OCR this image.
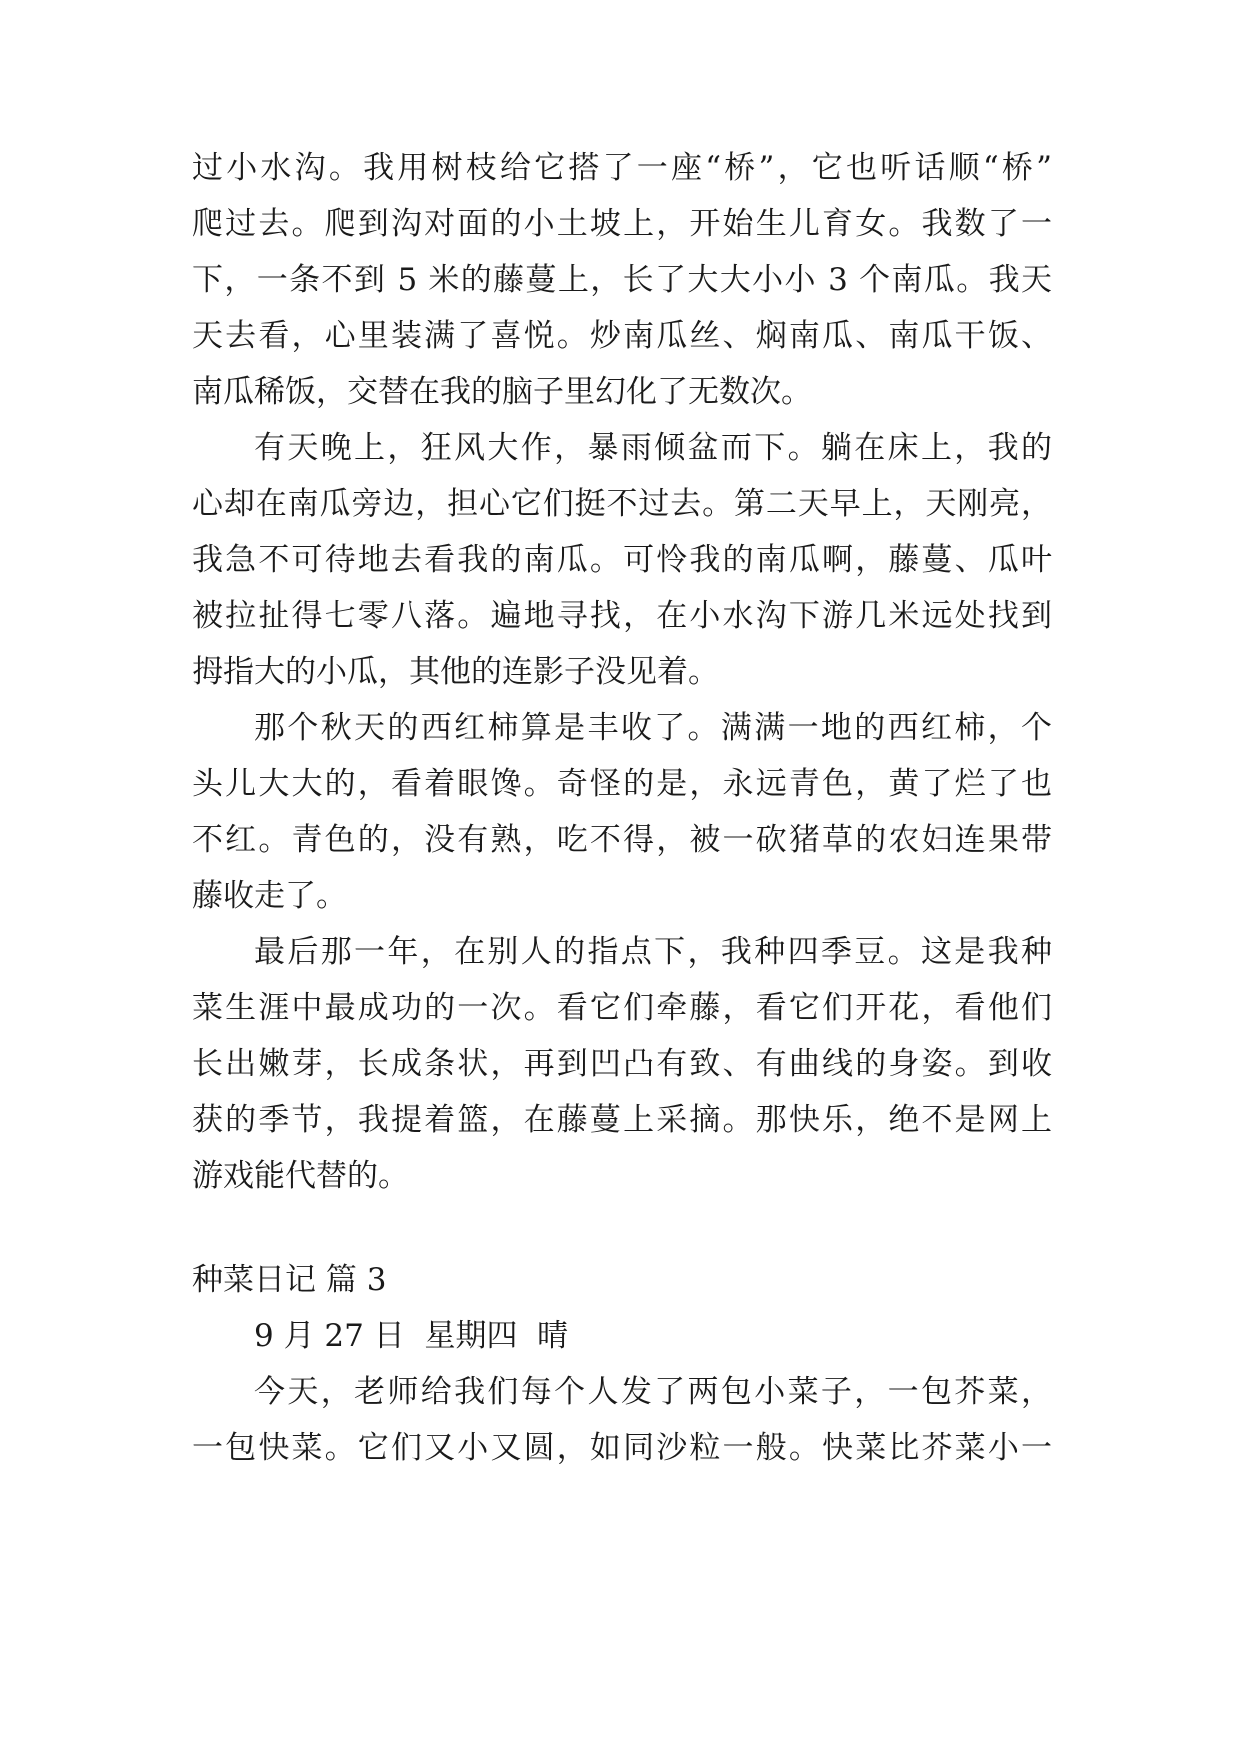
过小水沟。我用树枝给它搭了一座“桥”，它也听话顺“桥”
爬过去。爬到沟对面的小土坡上，开始生儿育女。我数了一
下，一条不到 5 米的藤蔓上，长了大大小小 3 个南瓜。我天
天去看，心里装满了喜悦。炒南瓜丝、焖南瓜、南瓜干饭、
南瓜稀饭，交替在我的脑子里幻化了无数次。
有天晚上，狂风大作，暴雨倾盆而下。躺在床上，我的
心却在南瓜旁边，担心它们挺不过去。第二天早上，天刚亮，
我急不可待地去看我的南瓜。可怜我的南瓜啊，藤蔓、瓜叶
被拉扯得七零八落。遍地寻找，在小水沟下游几米远处找到
拇指大的小瓜，其他的连影子没见着。
那个秋天的西红柿算是丰收了。满满一地的西红柿，个
头儿大大的，看着眼馋。奇怪的是，永远青色，黄了烂了也
不红。青色的，没有熟，吃不得，被一砍猪草的农妇连果带
藤收走了。
最后那一年，在别人的指点下，我种四季豆。这是我种
菜生涯中最成功的一次。看它们牵藤，看它们开花，看他们
长出嫩芽，长成条状，再到凹凸有致、有曲线的身姿。到收
获的季节，我提着篮，在藤蔓上采摘。那快乐，绝不是网上
游戏能代替的。
种菜日记 篇 3
9 月 27 日  星期四  晴
今天，老师给我们每个人发了两包小菜子，一包芥菜，
一包快菜。它们又小又圆，如同沙粒一般。快菜比芥菜小一
